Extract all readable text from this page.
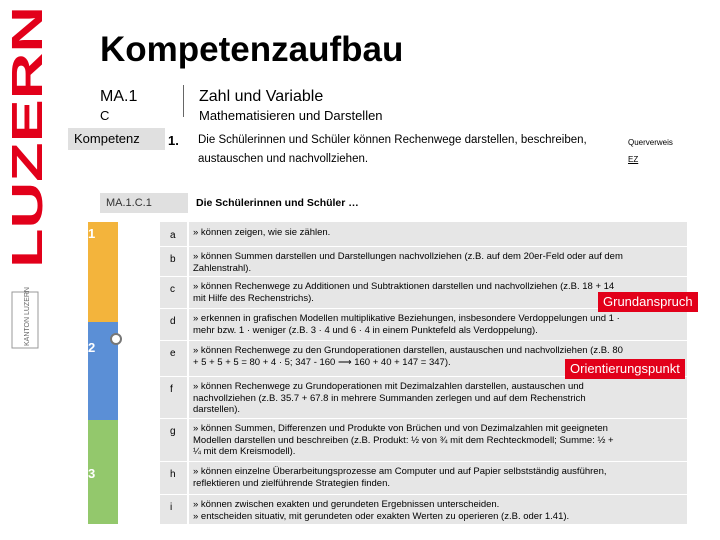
LUZERN
KANTON LUZERN
Kompetenzaufbau
MA.1	Zahl und Variable
C	Mathematisieren und Darstellen
Kompetenz	1. Die Schülerinnen und Schüler können Rechenwege darstellen, beschreiben, austauschen und nachvollziehen.
Querverweis
EZ
MA.1.C.1	Die Schülerinnen und Schüler …
1
2
3
a » können zeigen, wie sie zählen.
b » können Summen darstellen und Darstellungen nachvollziehen (z.B. auf dem 20er-Feld oder auf dem Zahlenstrahl).
c » können Rechenwege zu Additionen und Subtraktionen darstellen und nachvollziehen (z.B. 18 + 14 mit Hilfe des Rechenstrichs).
d » erkennen in grafischen Modellen multiplikative Beziehungen, insbesondere Verdoppelungen und 1 · mehr bzw. 1 · weniger (z.B. 3 · 4 und 6 · 4 in einem Punktefeld als Verdoppelung).
e » können Rechenwege zu den Grundoperationen darstellen, austauschen und nachvollziehen (z.B. 80 + 5 + 5 + 5 = 80 + 4 · 5; 347 - 160 ⟶ 160 + 40 + 147 = 347).
f » können Rechenwege zu Grundoperationen mit Dezimalzahlen darstellen, austauschen und nachvollziehen (z.B. 35.7 + 67.8 in mehrere Summanden zerlegen und auf dem Rechenstrich darstellen).
g » können Summen, Differenzen und Produkte von Brüchen und von Dezimalzahlen mit geeigneten Modellen darstellen und beschreiben (z.B. Produkt: ½ von ¾ mit dem Rechteckmodell; Summe: ½ + ¼ mit dem Kreismodell).
h » können einzelne Überarbeitungsprozesse am Computer und auf Papier selbstständig ausführen, reflektieren und zielführende Strategien finden.
i » können zwischen exakten und gerundeten Ergebnissen unterscheiden.
» entscheiden situativ, mit gerundeten oder exakten Werten zu operieren (z.B. oder 1.41).
Grundanspruch
Orientierungspunkt
